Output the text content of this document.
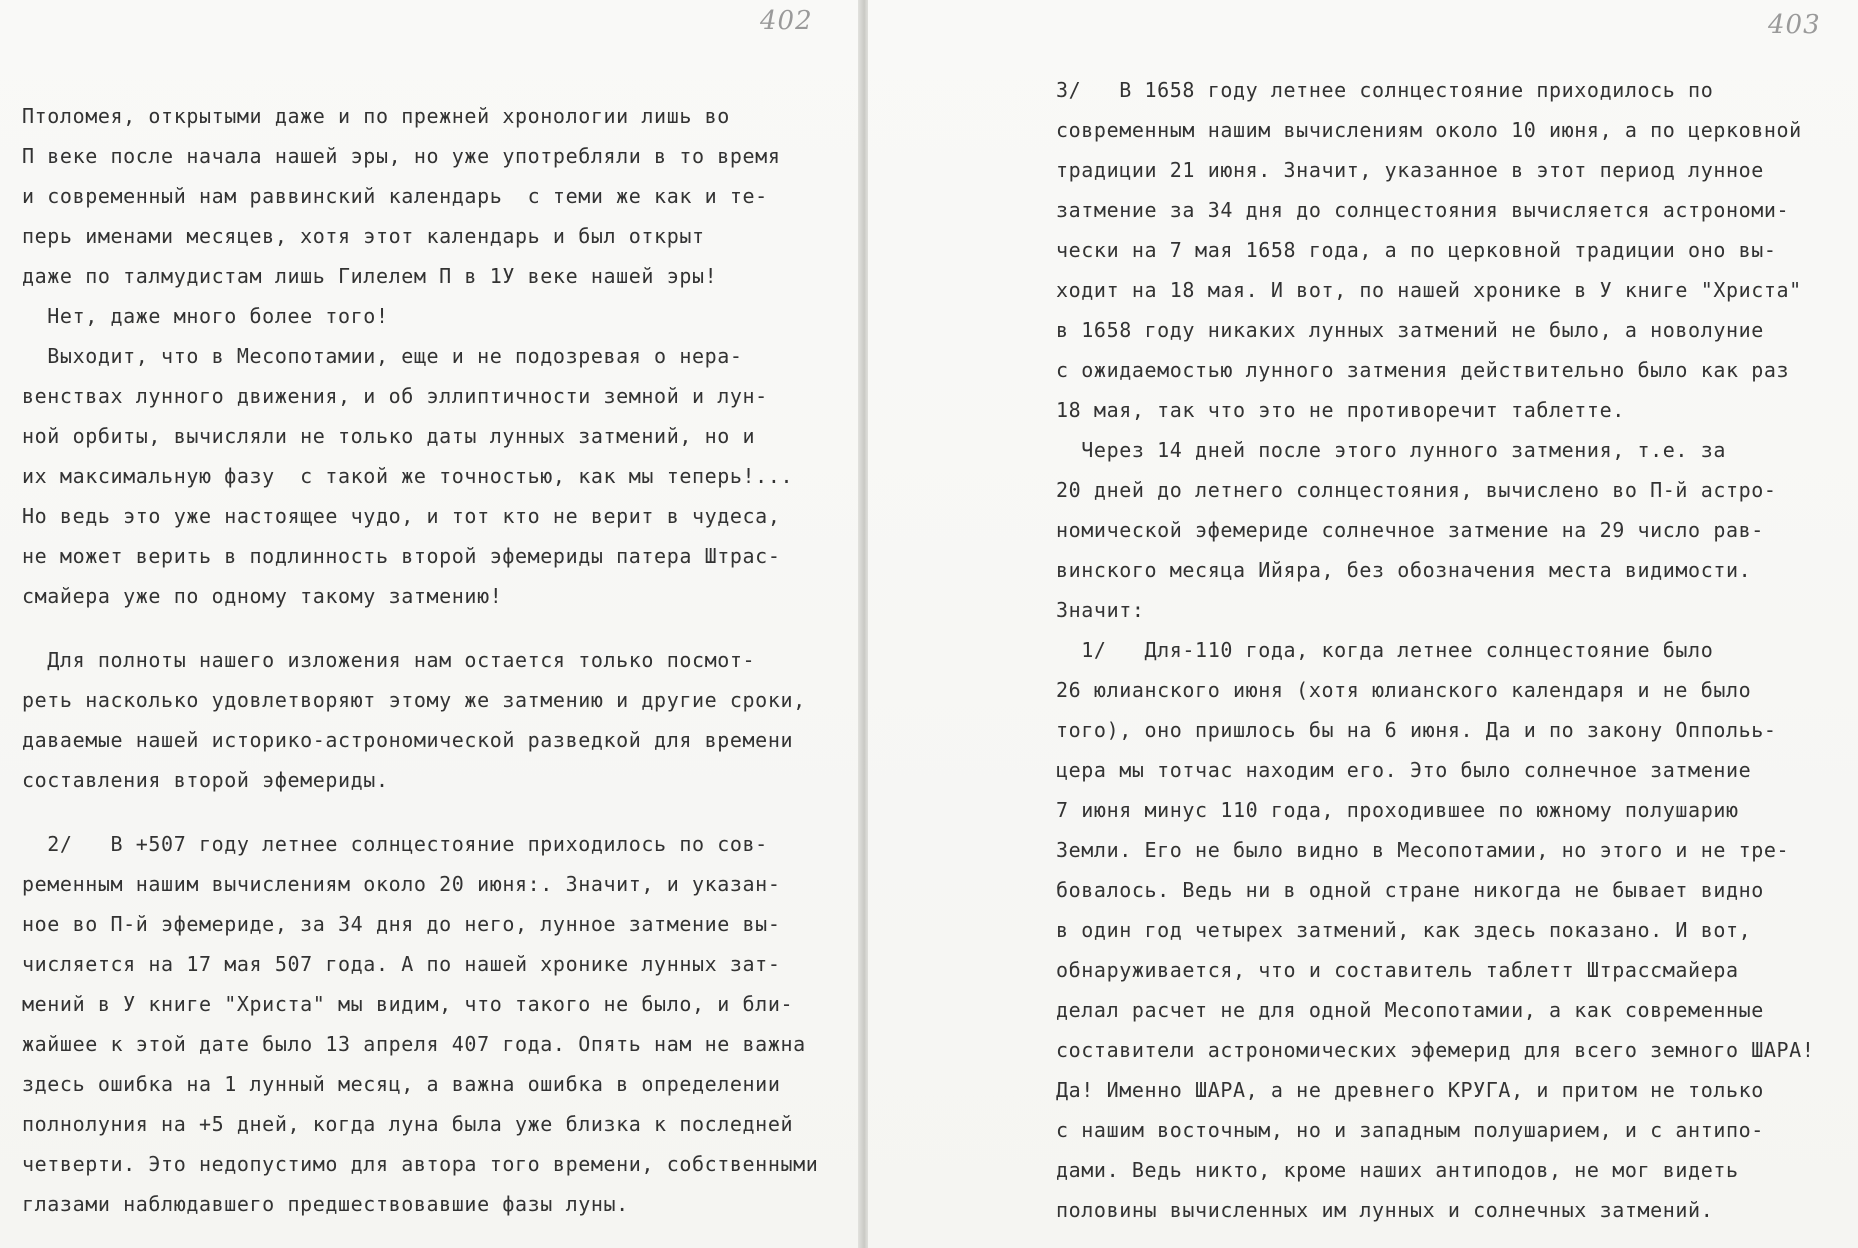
402	403
Птоломея, открытыми даже и по прежней хронологии лишь во
П веке после начала нашей эры, но уже употребляли в то время
и современный нам раввинский календарь  с теми же как и те-
перь именами месяцев, хотя этот календарь и был открыт
даже по талмудистам лишь Гилелем П в 1У веке нашей эры!
Нет, даже много более того!
Выходит, что в Месопотамии, еще и не подозревая о нера-
венствах лунного движения, и об эллиптичности земной и лун-
ной орбиты, вычисляли не только даты лунных затмений, но и
их максимальную фазу  с такой же точностью, как мы теперь!...
Но ведь это уже настоящее чудо, и тот кто не верит в чудеса,
не может верить в подлинность второй эфемериды патера Штрас-
смайера уже по одному такому затмению!
Для полноты нашего изложения нам остается только посмот-
реть насколько удовлетворяют этому же затмению и другие сроки,
даваемые нашей историко-астрономической разведкой для времени
составления второй эфемериды.
2/   В +507 году летнее солнцестояние приходилось по сов-
ременным нашим вычислениям около 20 июня:. Значит, и указан-
ное во П-й эфемериде, за 34 дня до него, лунное затмение вы-
числяется на 17 мая 507 года. А по нашей хронике лунных зат-
мений в У книге "Христа" мы видим, что такого не было, и бли-
жайшее к этой дате было 13 апреля 407 года. Опять нам не важна
здесь ошибка на 1 лунный месяц, а важна ошибка в определении
полнолуния на +5 дней, когда луна была уже близка к последней
четверти. Это недопустимо для автора того времени, собственными
глазами наблюдавшего предшествовавшие фазы луны.
3/   В 1658 году летнее солнцестояние приходилось по
современным нашим вычислениям около 10 июня, а по церковной
традиции 21 июня. Значит, указанное в этот период лунное
затмение за 34 дня до солнцестояния вычисляется астрономи-
чески на 7 мая 1658 года, а по церковной традиции оно вы-
ходит на 18 мая. И вот, по нашей хронике в У книге "Христа"
в 1658 году никаких лунных затмений не было, а новолуние
с ожидаемостью лунного затмения действительно было как раз
18 мая, так что это не противоречит таблетте.
Через 14 дней после этого лунного затмения, т.е. за
20 дней до летнего солнцестояния, вычислено во П-й астро-
номической эфемериде солнечное затмение на 29 число рав-
винского месяца Ийяра, без обозначения места видимости.
Значит:
1/   Для-110 года, когда летнее солнцестояние было
26 юлианского июня (хотя юлианского календаря и не было
того), оно пришлось бы на 6 июня. Да и по закону Оппольь-
цера мы тотчас находим его. Это было солнечное затмение
7 июня минус 110 года, проходившее по южному полушарию
Земли. Его не было видно в Месопотамии, но этого и не тре-
бовалось. Ведь ни в одной стране никогда не бывает видно
в один год четырех затмений, как здесь показано. И вот,
обнаруживается, что и составитель таблетт Штрассмайера
делал расчет не для одной Месопотамии, а как современные
составители астрономических эфемерид для всего земного ШАРА!
Да! Именно ШАРА, а не древнего КРУГА, и притом не только
с нашим восточным, но и западным полушарием, и с антипо-
дами. Ведь никто, кроме наших антиподов, не мог видеть
половины вычисленных им лунных и солнечных затмений.
